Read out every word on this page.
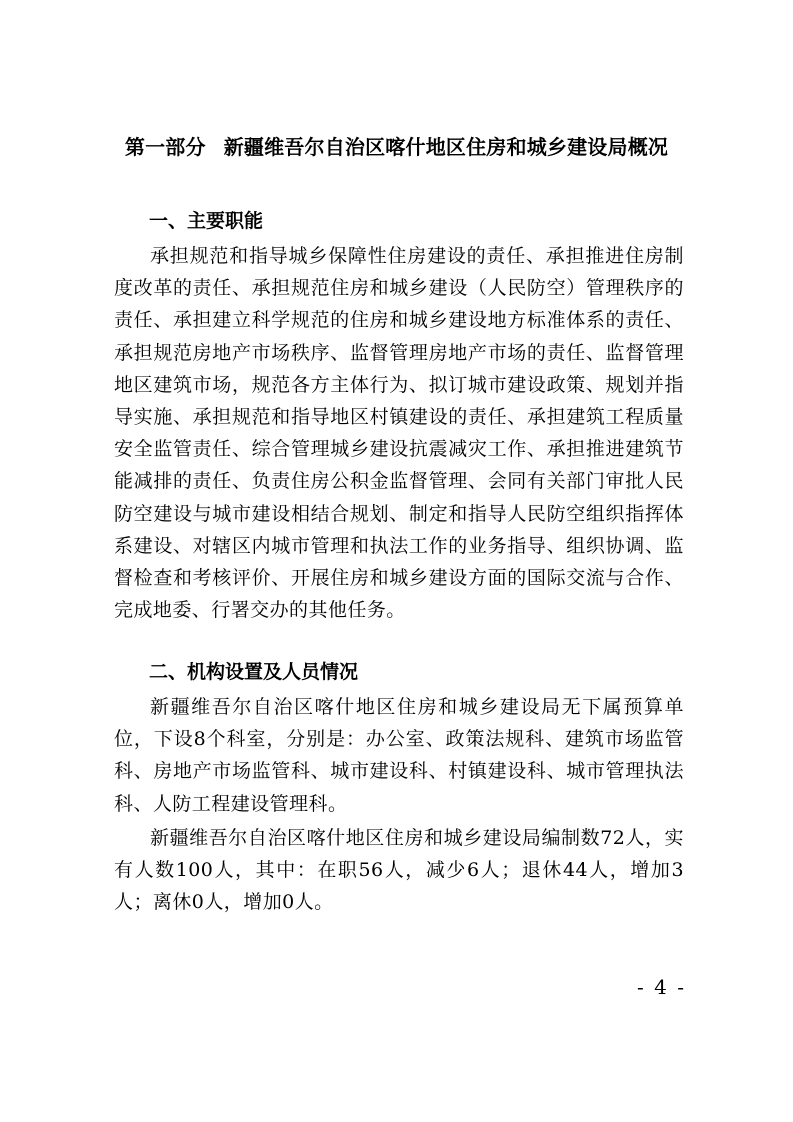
第一部分 新疆维吾尔自治区喀什地区住房和城乡建设局概况
一、主要职能

承担规范和指导城乡保障性住房建设的责任、承担推进住房制度改革的责任、承担规范住房和城乡建设（人民防空）管理秩序的责任、承担建立科学规范的住房和城乡建设地方标准体系的责任、承担规范房地产市场秩序、监督管理房地产市场的责任、监督管理地区建筑市场，规范各方主体行为、拟订城市建设政策、规划并指导实施、承担规范和指导地区村镇建设的责任、承担建筑工程质量安全监管责任、综合管理城乡建设抗震减灾工作、承担推进建筑节能减排的责任、负责住房公积金监督管理、会同有关部门审批人民防空建设与城市建设相结合规划、制定和指导人民防空组织指挥体系建设、对辖区内城市管理和执法工作的业务指导、组织协调、监督检查和考核评价、开展住房和城乡建设方面的国际交流与合作、完成地委、行署交办的其他任务。

二、机构设置及人员情况

新疆维吾尔自治区喀什地区住房和城乡建设局无下属预算单位，下设8个科室，分别是：办公室、政策法规科、建筑市场监管科、房地产市场监管科、城市建设科、村镇建设科、城市管理执法科、人防工程建设管理科。

新疆维吾尔自治区喀什地区住房和城乡建设局编制数72人，实有人数100人，其中：在职56人，减少6人；退休44人，增加3人；离休0人，增加0人。

- 4 -
